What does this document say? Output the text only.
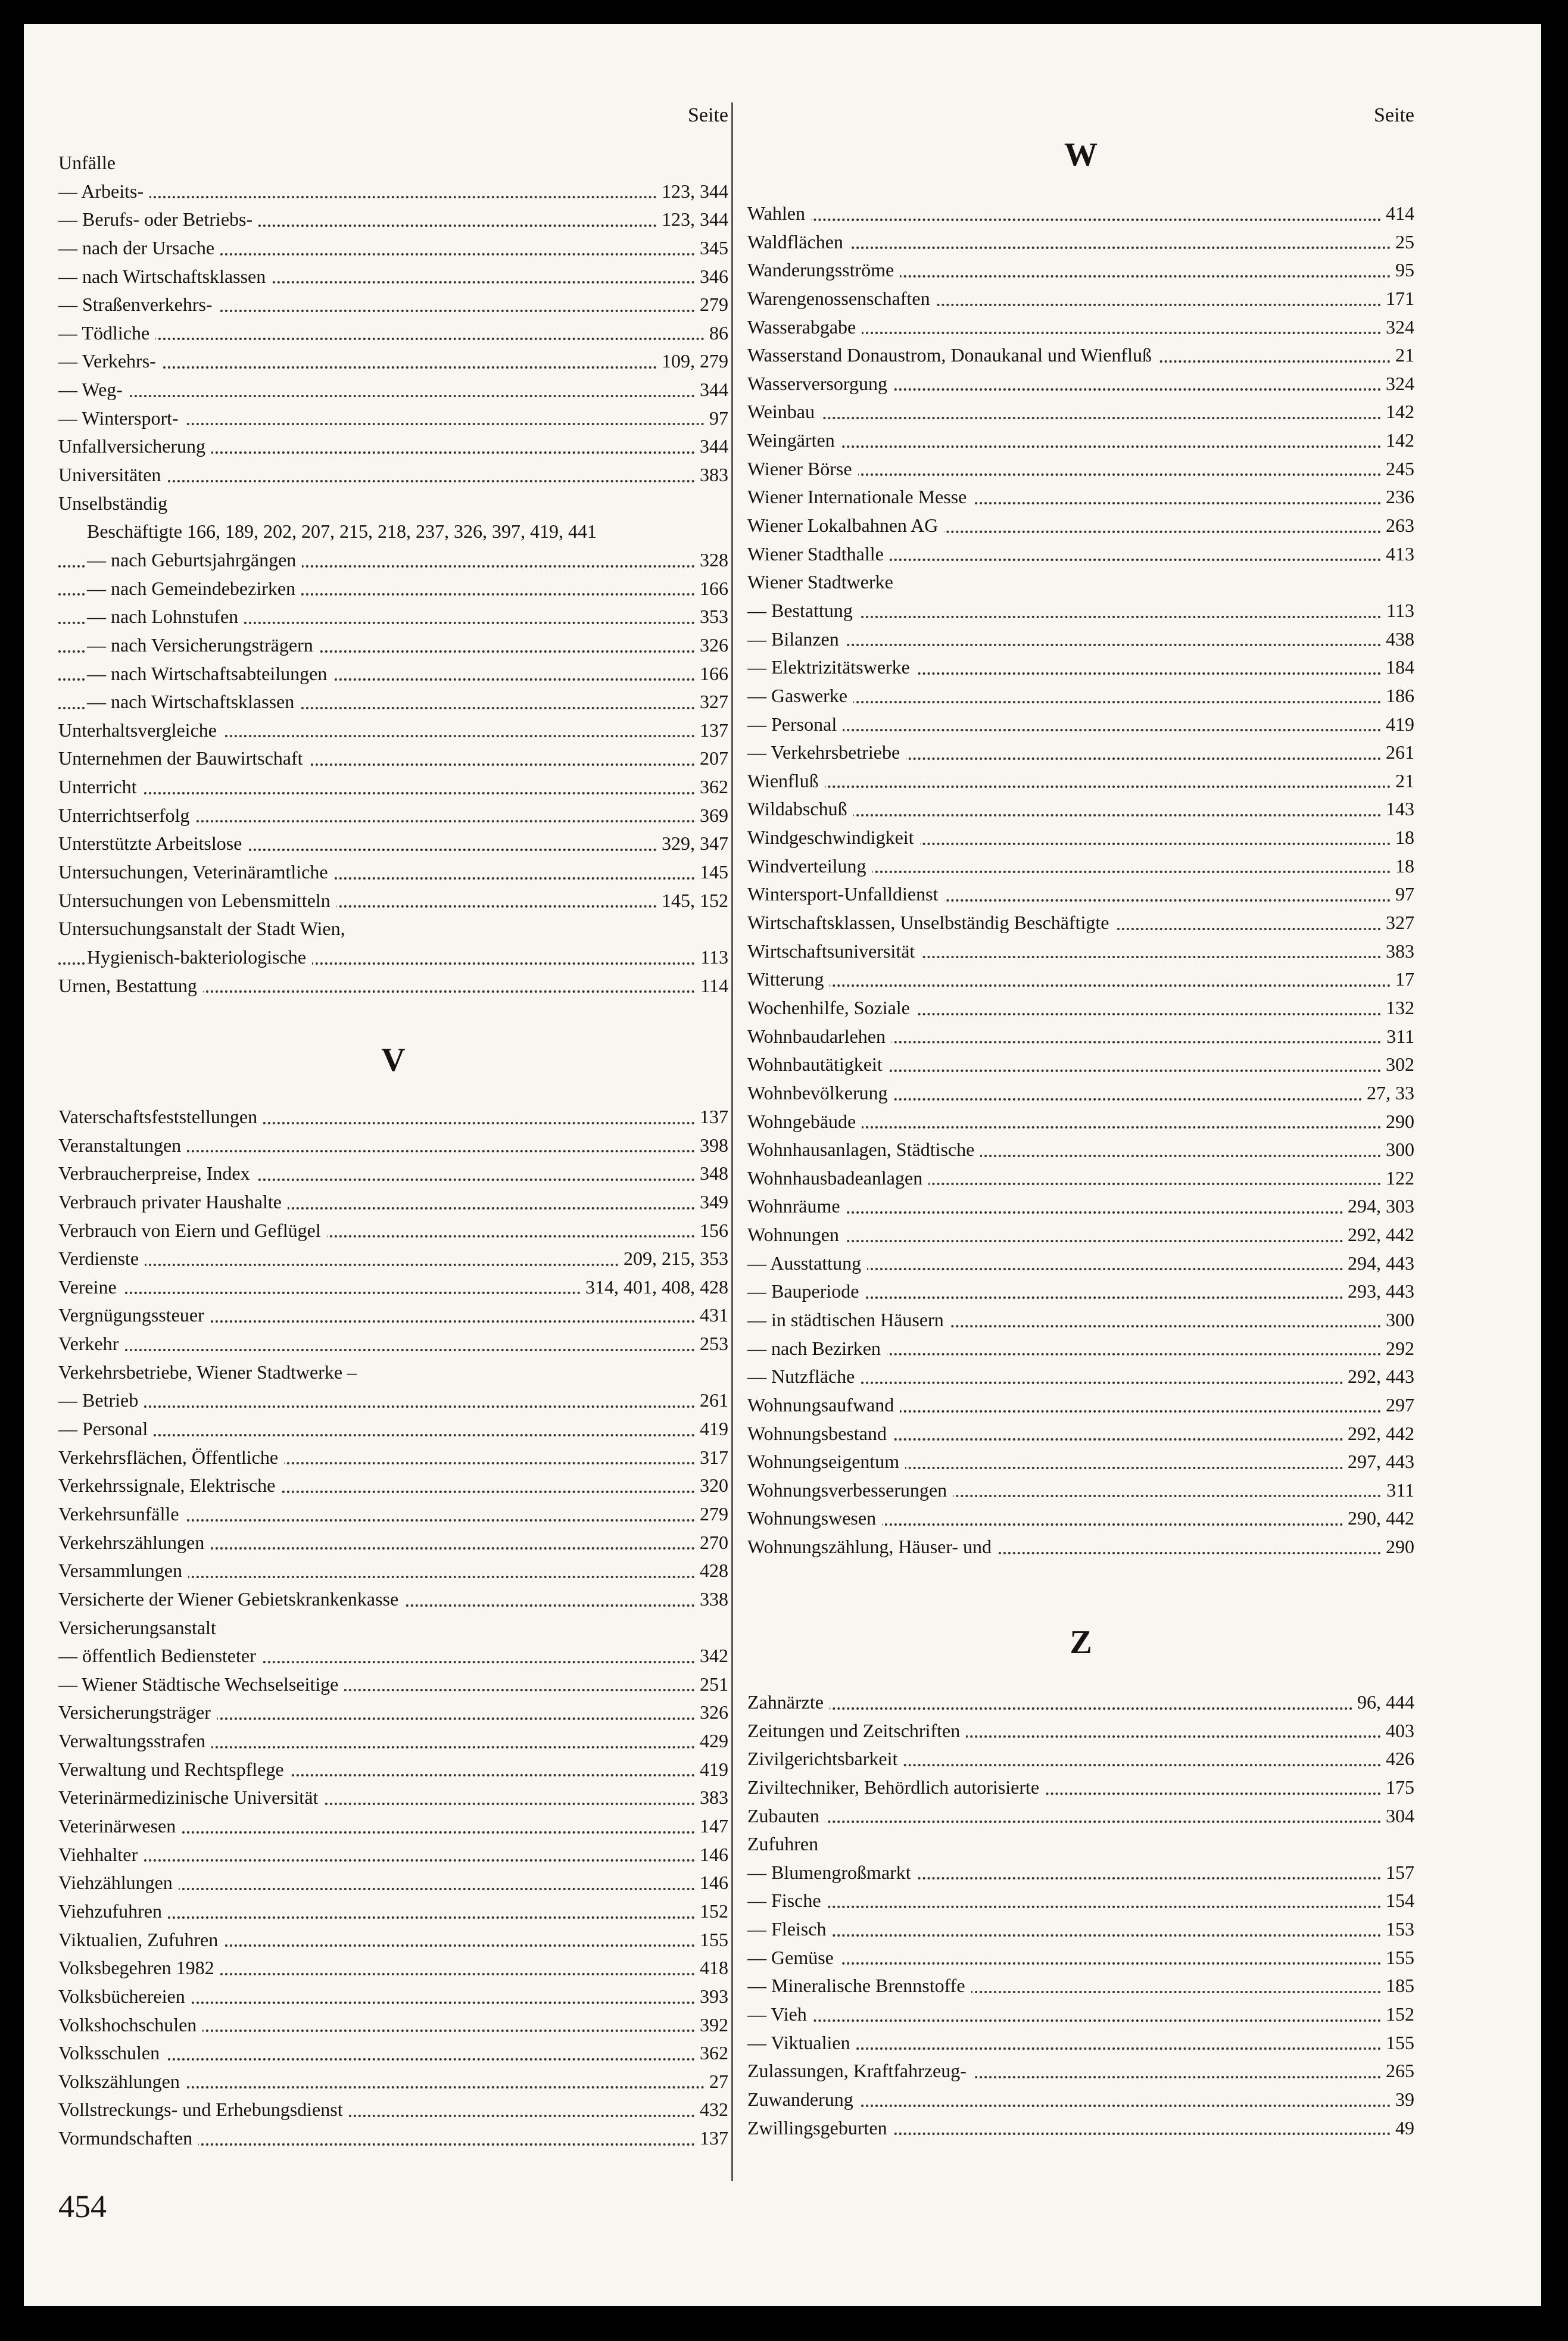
Seite
Unfälle
— Arbeits-	123, 344
— Berufs- oder Betriebs-	123, 344
— nach der Ursache	345
— nach Wirtschaftsklassen	346
— Straßenverkehrs-	279
— Tödliche	86
— Verkehrs-	109, 279
— Weg-	344
— Wintersport-	97
Unfallversicherung	344
Universitäten	383
Unselbständig
Beschäftigte 166, 189, 202, 207, 215, 218, 237, 326, 397, 419, 441
— nach Geburtsjahrgängen	328
— nach Gemeindebezirken	166
— nach Lohnstufen	353
— nach Versicherungsträgern	326
— nach Wirtschaftsabteilungen	166
— nach Wirtschaftsklassen	327
Unterhaltsvergleiche	137
Unternehmen der Bauwirtschaft	207
Unterricht	362
Unterrichtserfolg	369
Unterstützte Arbeitslose	329, 347
Untersuchungen, Veterinäramtliche	145
Untersuchungen von Lebensmitteln	145, 152
Untersuchungsanstalt der Stadt Wien,
Hygienisch-bakteriologische	113
Urnen, Bestattung	114
V
Vaterschaftsfeststellungen	137
Veranstaltungen	398
Verbraucherpreise, Index	348
Verbrauch privater Haushalte	349
Verbrauch von Eiern und Geflügel	156
Verdienste	209, 215, 353
Vereine	314, 401, 408, 428
Vergnügungssteuer	431
Verkehr	253
Verkehrsbetriebe, Wiener Stadtwerke –
— Betrieb	261
— Personal	419
Verkehrsflächen, Öffentliche	317
Verkehrssignale, Elektrische	320
Verkehrsunfälle	279
Verkehrszählungen	270
Versammlungen	428
Versicherte der Wiener Gebietskrankenkasse	338
Versicherungsanstalt
— öffentlich Bediensteter	342
— Wiener Städtische Wechselseitige	251
Versicherungsträger	326
Verwaltungsstrafen	429
Verwaltung und Rechtspflege	419
Veterinärmedizinische Universität	383
Veterinärwesen	147
Viehhalter	146
Viehzählungen	146
Viehzufuhren	152
Viktualien, Zufuhren	155
Volksbegehren 1982	418
Volksbüchereien	393
Volkshochschulen	392
Volksschulen	362
Volkszählungen	27
Vollstreckungs- und Erhebungsdienst	432
Vormundschaften	137
Seite
W
Wahlen	414
Waldflächen	25
Wanderungsströme	95
Warengenossenschaften	171
Wasserabgabe	324
Wasserstand Donaustrom, Donaukanal und Wienfluß	21
Wasserversorgung	324
Weinbau	142
Weingärten	142
Wiener Börse	245
Wiener Internationale Messe	236
Wiener Lokalbahnen AG	263
Wiener Stadthalle	413
Wiener Stadtwerke
— Bestattung	113
— Bilanzen	438
— Elektrizitätswerke	184
— Gaswerke	186
— Personal	419
— Verkehrsbetriebe	261
Wienfluß	21
Wildabschuß	143
Windgeschwindigkeit	18
Windverteilung	18
Wintersport-Unfalldienst	97
Wirtschaftsklassen, Unselbständig Beschäftigte	327
Wirtschaftsuniversität	383
Witterung	17
Wochenhilfe, Soziale	132
Wohnbaudarlehen	311
Wohnbautätigkeit	302
Wohnbevölkerung	27, 33
Wohngebäude	290
Wohnhausanlagen, Städtische	300
Wohnhausbadeanlagen	122
Wohnräume	294, 303
Wohnungen	292, 442
— Ausstattung	294, 443
— Bauperiode	293, 443
— in städtischen Häusern	300
— nach Bezirken	292
— Nutzfläche	292, 443
Wohnungsaufwand	297
Wohnungsbestand	292, 442
Wohnungseigentum	297, 443
Wohnungsverbesserungen	311
Wohnungswesen	290, 442
Wohnungszählung, Häuser- und	290
Z
Zahnärzte	96, 444
Zeitungen und Zeitschriften	403
Zivilgerichtsbarkeit	426
Ziviltechniker, Behördlich autorisierte	175
Zubauten	304
Zufuhren
— Blumengroßmarkt	157
— Fische	154
— Fleisch	153
— Gemüse	155
— Mineralische Brennstoffe	185
— Vieh	152
— Viktualien	155
Zulassungen, Kraftfahrzeug-	265
Zuwanderung	39
Zwillingsgeburten	49
454
